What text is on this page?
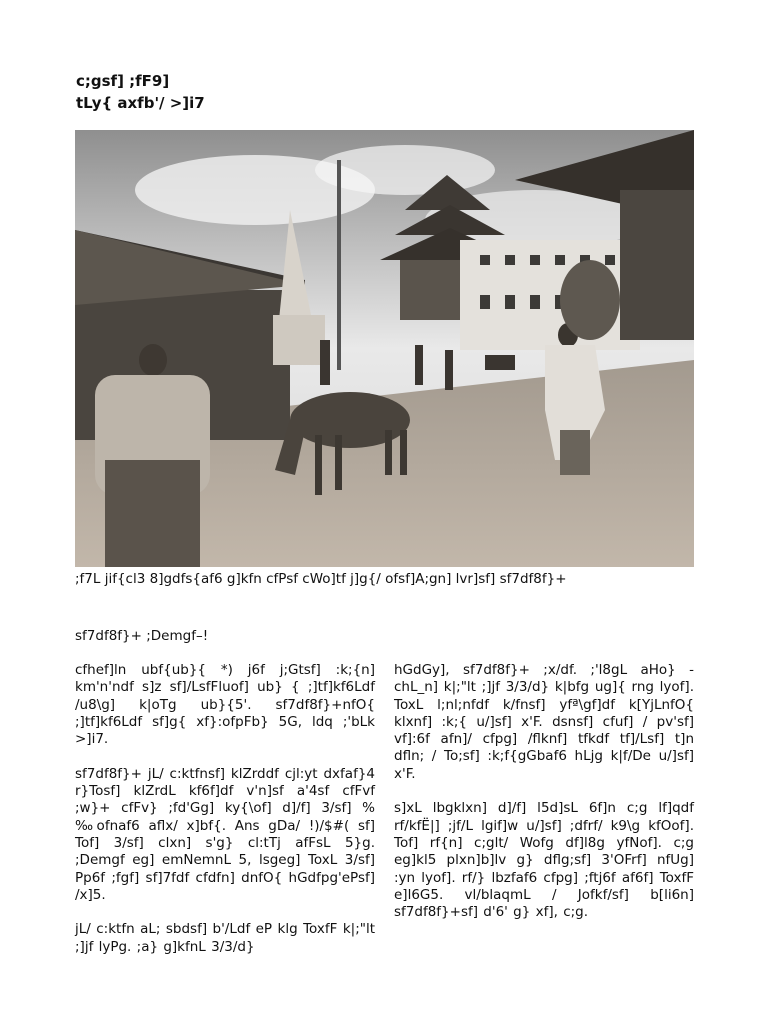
c;gsf] ;fF9]

tLy{ axfb'/ >]i7

;f7L jif{cl3 8]gdfs{af6 g]kfn cfPsf cWo]tf j]g{/ ofsf]A;gn] lvr]sf] sf7df8f}+
sf7df8f}+ ;Demgf–!

cfhef]ln ubf{ub}{ *) j6f j;Gtsf] :k;{n] km'n'ndf s]z sf]/LsfFluof] ub} { ;]tf]kf6Ldf /u8\g] k|oTg ub}{5'. sf7df8f}+nfO{ ;]tf]kf6Ldf sf]g{ xf}:ofpFb} 5G, ldq ;'bLk >]i7.

sf7df8f}+ jL/ c:ktfnsf] klZrddf cjl:yt dxfaf}4 r}Tosf] klZrdL kf6f]df v'n]sf a'4sf cfFvf ;w}+ cfFv} ;fd'Gg] ky{\of] d]/f] 3/sf] %‰ofnaf6 aflx/ x]bf{. Ans gDa/ !)/$#( sf] Tof] 3/sf] clxn] s'g} cl:tTj afFsL 5}g. ;Demgf eg] emNemnL 5, lsgeg] ToxL 3/sf] Pp6f ;fgf] sf]7fdf cfdfn] dnfO{ hGdfpg'ePsf] /x]5.

jL/ c:ktfn aL; sbdsf] b'/Ldf eP klg ToxfF k|;"lt ;]jf lyPg. ;a} g]kfnL 3/3/d}

hGdGy], sf7df8f}+ ;x/df. ;'l8gL aHo} -chL_n] k|;"lt ;]jf 3/3/d} k|bfg ug]{ rng lyof]. ToxL l;nl;nfdf k/fnsf] yfª\gf]df k[YjLnfO{ klxnf] :k;{ u/]sf] x'F. dsnsf] cfuf] / pv'sf] vf]:6f afn]/ cfpg] /flknf] tfkdf tf]/Lsf] t]n dfln; / To;sf] :k;f{gGbaf6 hLjg k|f/De u/]sf] x'F.

s]xL lbgklxn] d]/f] l5d]sL 6f]n c;g lf]qdf rf/kfË|] ;jf/L lgif]w u/]sf] ;dfrf/ k9\g kfOof]. Tof] rf{n] c;glt/ Wofg df]l8g yfNof]. c;g eg]kl5 plxn]b]lv g} dflg;sf] 3'OFrf] nfUg] :yn lyof]. rf/} lbzfaf6 cfpg] ;ftj6f af6f] ToxfF e]l6G5. vl/blaqmL / Jofkf/sf] b[li6n] sf7df8f}+sf] d'6' g} xf], c;g.
